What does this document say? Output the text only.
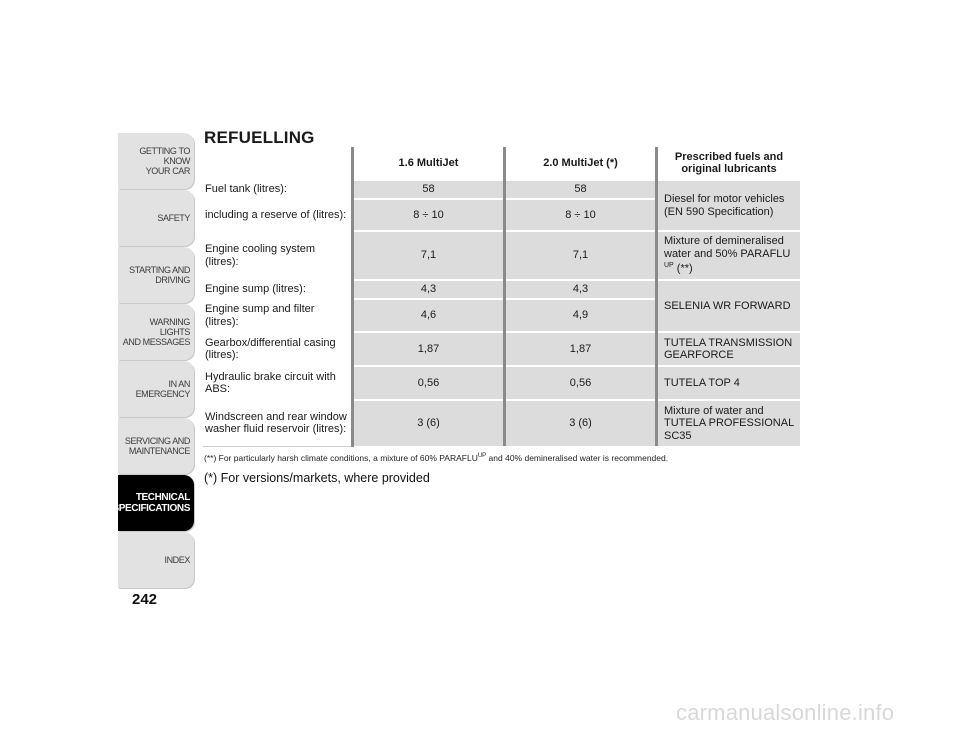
GETTING TO KNOW
YOUR CAR
SAFETY
STARTING AND
DRIVING
WARNING LIGHTS
AND MESSAGES
IN AN EMERGENCY
SERVICING AND
MAINTENANCE
TECHNICAL
SPECIFICATIONS
INDEX
242
REFUELLING
	1.6 MultiJet	2.0 MultiJet (*)	Prescribed fuels and original lubricants
Fuel tank (litres):	58	58	Diesel for motor vehicles
(EN 590 Specification)
including a reserve of (litres):	8 ÷ 10	8 ÷ 10	
Engine cooling system (litres):	7,1	7,1	Mixture of demineralised water and 50% PARAFLU $^{UP}$ (**)
Engine sump (litres):	4,3	4,3	SELENIA WR FORWARD
Engine sump and filter (litres):	4,6	4,9	
Gearbox/differential casing (litres):	1,87	1,87	TUTELA TRANSMISSION GEARFORCE
Hydraulic brake circuit with ABS:	0,56	0,56	TUTELA TOP 4
Windscreen and rear window washer fluid reservoir (litres):	3 (6)	3 (6)	Mixture of water and TUTELA PROFESSIONAL SC35
(**) For particularly harsh climate conditions, a mixture of 60% $PARAFLU^{UP}$ and 40% demineralised water is recommended.
(*) For versions/markets, where provided
carmanualsonline.info
